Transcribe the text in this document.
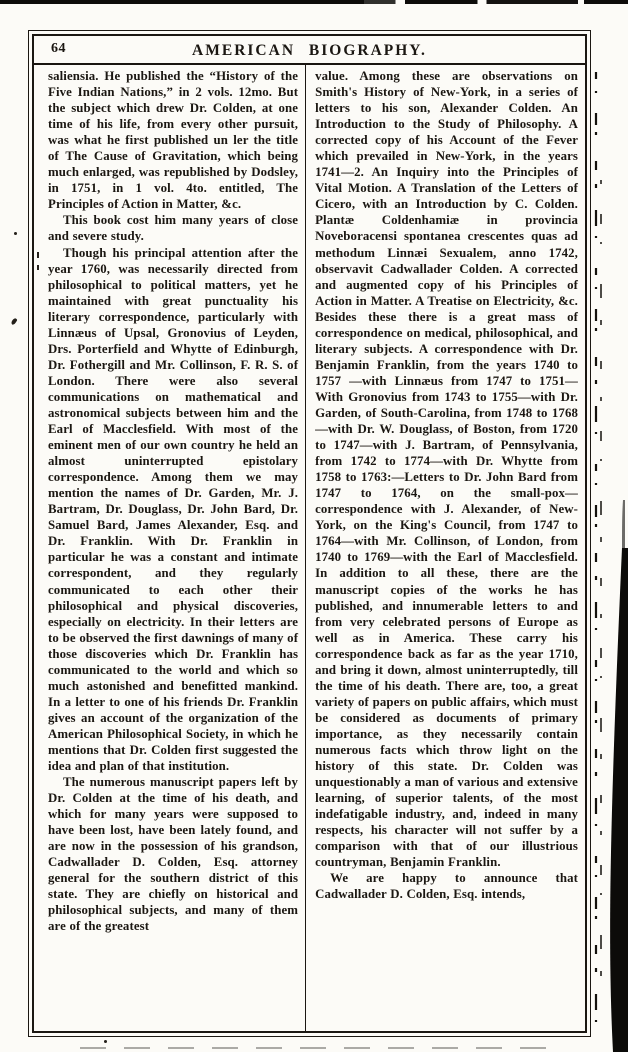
64	AMERICAN BIOGRAPHY.

saliensia. He published the “History of the Five Indian Nations,” in 2 vols. 12mo. But the subject which drew Dr. Colden, at one time of his life, from every other pursuit, was what he first published un ler the title of The Cause of Gravitation, which being much enlarged, was republished by Dodsley, in 1751, in 1 vol. 4to. entitled, The Principles of Action in Matter, &c.

This book cost him many years of close and severe study.

Though his principal attention after the year 1760, was necessarily directed from philosophical to political matters, yet he maintained with great punctuality his literary correspondence, particularly with Linnæus of Upsal, Gronovius of Leyden, Drs. Porterfield and Whytte of Edinburgh, Dr. Fothergill and Mr. Collinson, F. R. S. of London. There were also several communications on mathematical and astronomical subjects between him and the Earl of Macclesfield. With most of the eminent men of our own country he held an almost uninterrupted epistolary correspondence. Among them we may mention the names of Dr. Garden, Mr. J. Bartram, Dr. Douglass, Dr. John Bard, Dr. Samuel Bard, James Alexander, Esq. and Dr. Franklin. With Dr. Franklin in particular he was a constant and intimate correspondent, and they regularly communicated to each other their philosophical and physical discoveries, especially on electricity. In their letters are to be observed the first dawnings of many of those discoveries which Dr. Franklin has communicated to the world and which so much astonished and benefitted mankind. In a letter to one of his friends Dr. Franklin gives an account of the organization of the American Philosophical Society, in which he mentions that Dr. Colden first suggested the idea and plan of that institution.

The numerous manuscript papers left by Dr. Colden at the time of his death, and which for many years were supposed to have been lost, have been lately found, and are now in the possession of his grandson, Cadwallader D. Colden, Esq. attorney general for the southern district of this state. They are chiefly on historical and philosophical subjects, and many of them are of the greatest

value. Among these are observations on Smith's History of New-York, in a series of letters to his son, Alexander Colden. An Introduction to the Study of Philosophy. A corrected copy of his Account of the Fever which prevailed in New-York, in the years 1741—2. An Inquiry into the Principles of Vital Motion. A Translation of the Letters of Cicero, with an Introduction by C. Colden. Plantæ Coldenhamiæ in provincia Noveboracensi spontanea crescentes quas ad methodum Linnæi Sexualem, anno 1742, observavit Cadwallader Colden. A corrected and augmented copy of his Principles of Action in Matter. A Treatise on Electricity, &c. Besides these there is a great mass of correspondence on medical, philosophical, and literary subjects. A correspondence with Dr. Benjamin Franklin, from the years 1740 to 1757 —with Linnæus from 1747 to 1751—With Gronovius from 1743 to 1755—with Dr. Garden, of South-Carolina, from 1748 to 1768—with Dr. W. Douglass, of Boston, from 1720 to 1747—with J. Bartram, of Pennsylvania, from 1742 to 1774—with Dr. Whytte from 1758 to 1763:—Letters to Dr. John Bard from 1747 to 1764, on the small-pox—correspondence with J. Alexander, of New-York, on the King's Council, from 1747 to 1764—with Mr. Collinson, of London, from 1740 to 1769—with the Earl of Macclesfield. In addition to all these, there are the manuscript copies of the works he has published, and innumerable letters to and from very celebrated persons of Europe as well as in America. These carry his correspondence back as far as the year 1710, and bring it down, almost uninterruptedly, till the time of his death. There are, too, a great variety of papers on public affairs, which must be considered as documents of primary importance, as they necessarily contain numerous facts which throw light on the history of this state. Dr. Colden was unquestionably a man of various and extensive learning, of superior talents, of the most indefatigable industry, and, indeed in many respects, his character will not suffer by a comparison with that of our illustrious countryman, Benjamin Franklin.

We are happy to announce that Cadwallader D. Colden, Esq. intends,
